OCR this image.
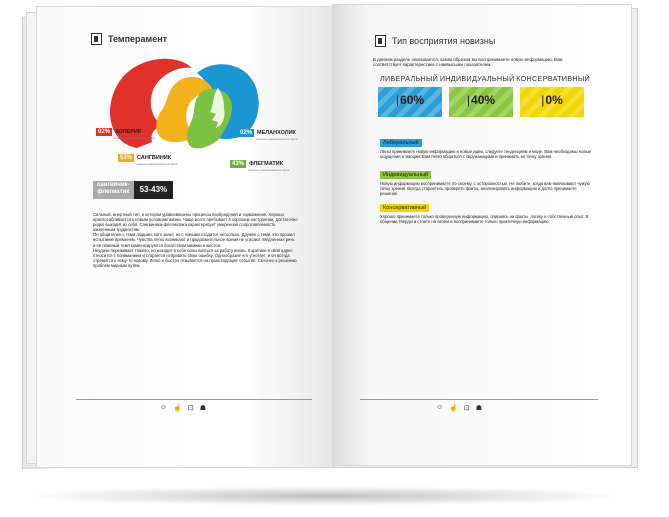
Темперамент
02% ХОЛЕРИК
тонкая и живописная история
53% САНГВИНИК
тонкая и живописная история
02% МЕЛАНХОЛИК
тонкая и живописная история
43% ФЛЕГМАТИК
тонкая и живописная история
сангвиник-
флегматик	53-43%

Сильный, инертный тип, в котором уравновешены процессы возбуждения и торможения. Хорошо приспосабливается к новым условиям жизни. Чаще всего пребывает в хорошем настроении, достаточно редко выходит из себя. Сангвиника-флегматика характеризует умеренная сопротивляемость жизненным трудностям.

Он общителен с теми людьми, кого знает, но с новыми сходится несколько. Дружен с теми, кто прошел испытание временем. Чувства легко возникают и продолжительное время не угасают. Медленная речь и её плавный темп компенсируются богатством мимики и жестов.

Неудачи переживает тяжело, но находит в себе силы взяться за работу вновь. К критике в свой адрес относится с пониманием и старается исправить свою ошибку. Однообразие его угнетает, и он всегда стремится к чему-то новому. Легко и быстро отзывается на происходящие события. Склонен к решению проблем мирным путём.

☺ ☝ ⊡ ☗
Тип восприятия новизны
В данном разделе описывается, каким образом вы воспринимаете новую информацию. Вам соответствует характеристика с наивысшим показателем.
ЛИБЕРАЛЬНЫЙ ИНДИВИДУАЛЬНЫЙ КОНСЕРВАТИВНЫЙ
| 60%	| 40%	| 0%
Либеральный

Легко принимаете новую информацию и новые идеи, следуете тенденциям и моде. Вам необходимы новые ощущения и эмоции. Вам легко общаться с окружающими и принимать их точку зрения.

Индивидуальный

Новую информацию воспринимаете по-своему, с осторожностью. Не любите, когда вам навязывают чужую точку зрения. Всегда стараетесь проверять факты, анализировать информацию и долго принимаете решение.

Консервативный

Хорошо принимаете только проверенную информацию, опираясь на факты, логику и собственный опыт. В общении тверды и стоите на своем и воспринимаете только практичную информацию.

☺ ☝ ⊡ ☗
